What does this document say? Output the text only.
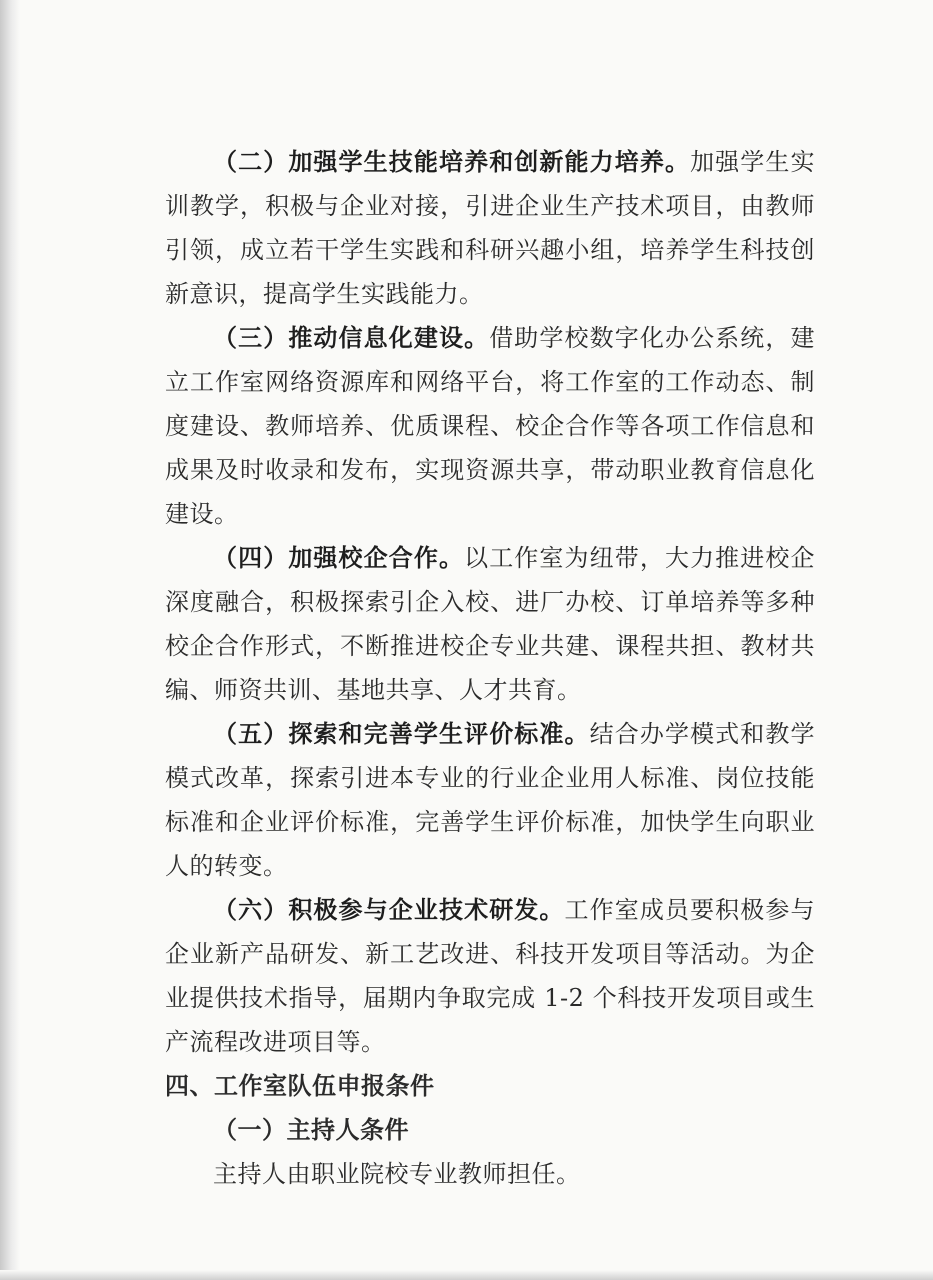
（二）加强学生技能培养和创新能力培养。加强学生实训教学，积极与企业对接，引进企业生产技术项目，由教师引领，成立若干学生实践和科研兴趣小组，培养学生科技创新意识，提高学生实践能力。

（三）推动信息化建设。借助学校数字化办公系统，建立工作室网络资源库和网络平台，将工作室的工作动态、制度建设、教师培养、优质课程、校企合作等各项工作信息和成果及时收录和发布，实现资源共享，带动职业教育信息化建设。

（四）加强校企合作。以工作室为纽带，大力推进校企深度融合，积极探索引企入校、进厂办校、订单培养等多种校企合作形式，不断推进校企专业共建、课程共担、教材共编、师资共训、基地共享、人才共育。

（五）探索和完善学生评价标准。结合办学模式和教学模式改革，探索引进本专业的行业企业用人标准、岗位技能标准和企业评价标准，完善学生评价标准，加快学生向职业人的转变。

（六）积极参与企业技术研发。工作室成员要积极参与企业新产品研发、新工艺改进、科技开发项目等活动。为企业提供技术指导，届期内争取完成 1-2 个科技开发项目或生产流程改进项目等。

四、工作室队伍申报条件
（一）主持人条件

主持人由职业院校专业教师担任。
